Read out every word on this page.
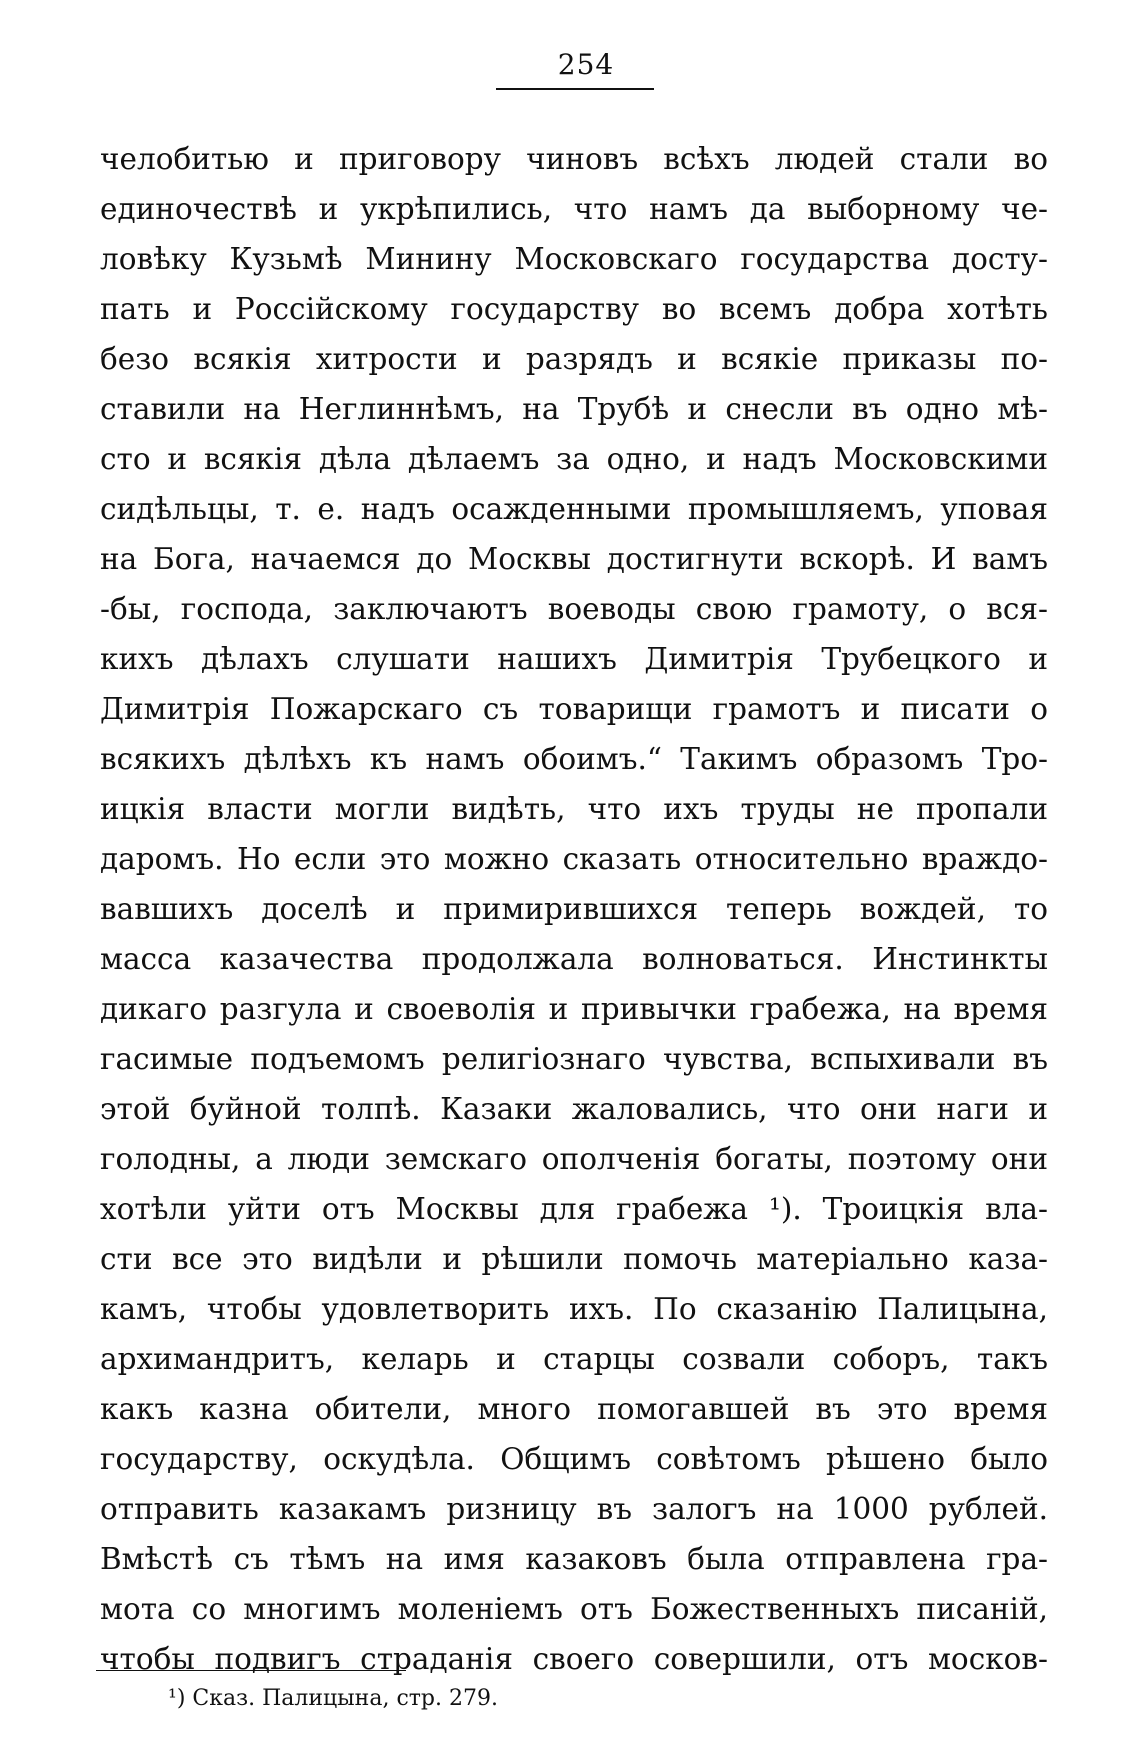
254
челобитью и приговору чиновъ всѣхъ людей стали во
единочествѣ и укрѣпились, что намъ да выборному че-
ловѣку Кузьмѣ Минину Московскаго государства досту-
пать и Россійскому государству во всемъ добра хотѣть
безо всякія хитрости и разрядъ и всякіе приказы по-
ставили на Неглиннѣмъ, на Трубѣ и снесли въ одно мѣ-
сто и всякія дѣла дѣлаемъ за одно, и надъ Московскими
сидѣльцы, т. е. надъ осажденными промышляемъ, уповая
на Бога, начаемся до Москвы достигнути вскорѣ. И вамъ
-бы, господа, заключаютъ воеводы свою грамоту, о вся-
кихъ дѣлахъ слушати нашихъ Димитрія Трубецкого и
Димитрія Пожарскаго съ товарищи грамотъ и писати о
всякихъ дѣлѣхъ къ намъ обоимъ.“ Такимъ образомъ Тро-
ицкія власти могли видѣть, что ихъ труды не пропали
даромъ. Но если это можно сказать относительно враждо-
вавшихъ доселѣ и примирившихся теперь вождей, то
масса казачества продолжала волноваться. Инстинкты
дикаго разгула и своеволія и привычки грабежа, на время
гасимые подъемомъ религіознаго чувства, вспыхивали въ
этой буйной толпѣ. Казаки жаловались, что они наги и
голодны, а люди земскаго ополченія богаты, поэтому они
хотѣли уйти отъ Москвы для грабежа ¹). Троицкія вла-
сти все это видѣли и рѣшили помочь матеріально каза-
камъ, чтобы удовлетворить ихъ. По сказанію Палицына,
архимандритъ, келарь и старцы созвали соборъ, такъ
какъ казна обители, много помогавшей въ это время
государству, оскудѣла. Общимъ совѣтомъ рѣшено было
отправить казакамъ ризницу въ залогъ на 1000 рублей.
Вмѣстѣ съ тѣмъ на имя казаковъ была отправлена гра-
мота со многимъ моленіемъ отъ Божественныхъ писаній,
чтобы подвигъ страданія своего совершили, отъ москов-
¹) Сказ. Палицына, стр. 279.
